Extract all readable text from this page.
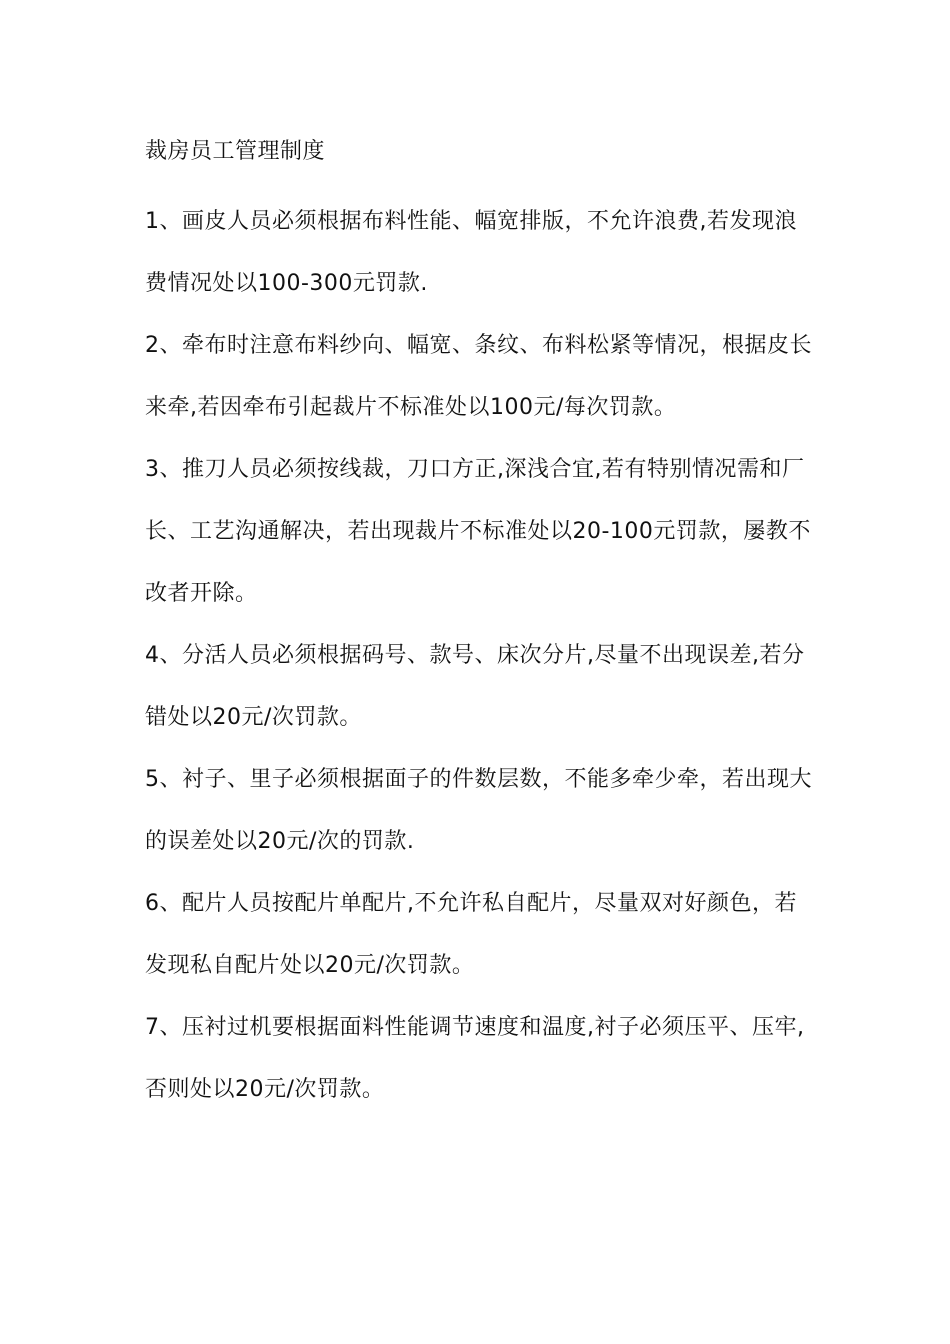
裁房员工管理制度
1、画皮人员必须根据布料性能、幅宽排版，不允许浪费,若发现浪费情况处以100-300元罚款.
2、牵布时注意布料纱向、幅宽、条纹、布料松紧等情况，根据皮长来牵,若因牵布引起裁片不标准处以100元/每次罚款。
3、推刀人员必须按线裁，刀口方正,深浅合宜,若有特别情况需和厂长、工艺沟通解决，若出现裁片不标准处以20-100元罚款，屡教不改者开除。
4、分活人员必须根据码号、款号、床次分片,尽量不出现误差,若分错处以20元/次罚款。
5、衬子、里子必须根据面子的件数层数，不能多牵少牵，若出现大的误差处以20元/次的罚款.
6、配片人员按配片单配片,不允许私自配片，尽量双对好颜色，若发现私自配片处以20元/次罚款。
7、压衬过机要根据面料性能调节速度和温度,衬子必须压平、压牢,否则处以20元/次罚款。
